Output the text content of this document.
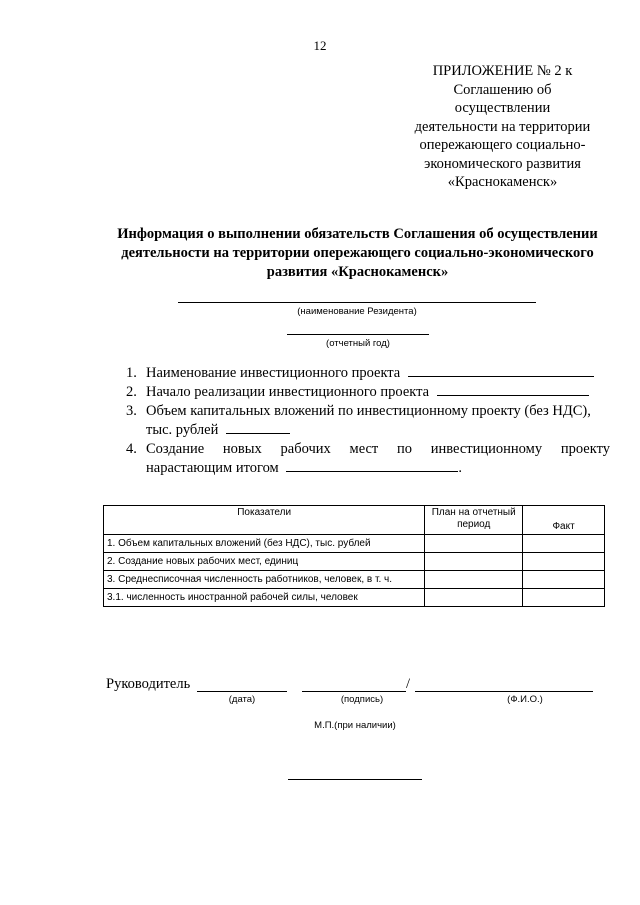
12
ПРИЛОЖЕНИЕ № 2 к
Соглашению об
осуществлении
деятельности на территории
опережающего социально-
экономического развития
«Краснокаменск»
Информация о выполнении обязательств Соглашения об осуществлении
деятельности на территории опережающего социально-экономического
развития «Краснокаменск»
(наименование Резидента)
(отчетный год)
1. Наименование инвестиционного проекта
2. Начало реализации инвестиционного проекта
3. Объем капитальных вложений по инвестиционному проекту (без НДС),
тыс. рублей
4. Создание новых рабочих мест по инвестиционному проекту
нарастающим итогом	.
Показатели	План на отчетный период	Факт
1. Объем капитальных вложений (без НДС), тыс. рублей		
2. Создание новых рабочих мест, единиц		
3. Среднесписочная численность работников, человек, в т. ч.		
3.1. численность иностранной рабочей силы, человек		
Руководитель	/
(дата)	(подпись)	(Ф.И.О.)
М.П.(при наличии)
